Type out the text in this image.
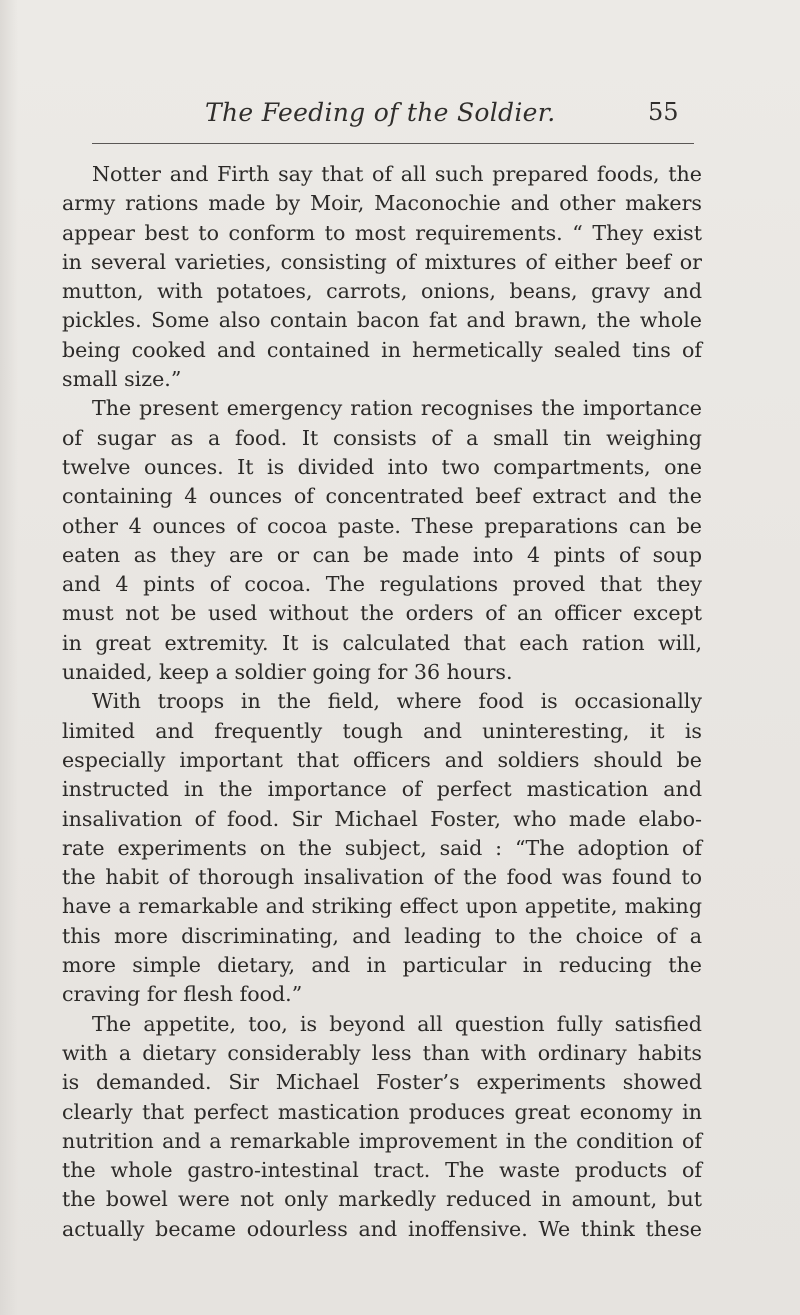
The Feeding of the Soldier.	55
Notter and Firth say that of all such prepared foods, the
army rations made by Moir, Maconochie and other makers
appear best to conform to most requirements. “ They exist
in several varieties, consisting of mixtures of either beef or
mutton, with potatoes, carrots, onions, beans, gravy and
pickles. Some also contain bacon fat and brawn, the whole
being cooked and contained in hermetically sealed tins of
small size.”
The present emergency ration recognises the importance
of sugar as a food. It consists of a small tin weighing
twelve ounces. It is divided into two compartments, one
containing 4 ounces of concentrated beef extract and the
other 4 ounces of cocoa paste. These preparations can be
eaten as they are or can be made into 4 pints of soup
and 4 pints of cocoa. The regulations proved that they
must not be used without the orders of an officer except
in great extremity. It is calculated that each ration will,
unaided, keep a soldier going for 36 hours.
With troops in the field, where food is occasionally
limited and frequently tough and uninteresting, it is
especially important that officers and soldiers should be
instructed in the importance of perfect mastication and
insalivation of food. Sir Michael Foster, who made elabo-
rate experiments on the subject, said : “The adoption of
the habit of thorough insalivation of the food was found to
have a remarkable and striking effect upon appetite, making
this more discriminating, and leading to the choice of a
more simple dietary, and in particular in reducing the
craving for flesh food.”
The appetite, too, is beyond all question fully satisfied
with a dietary considerably less than with ordinary habits
is demanded. Sir Michael Foster’s experiments showed
clearly that perfect mastication produces great economy in
nutrition and a remarkable improvement in the condition of
the whole gastro-intestinal tract. The waste products of
the bowel were not only markedly reduced in amount, but
actually became odourless and inoffensive. We think these
